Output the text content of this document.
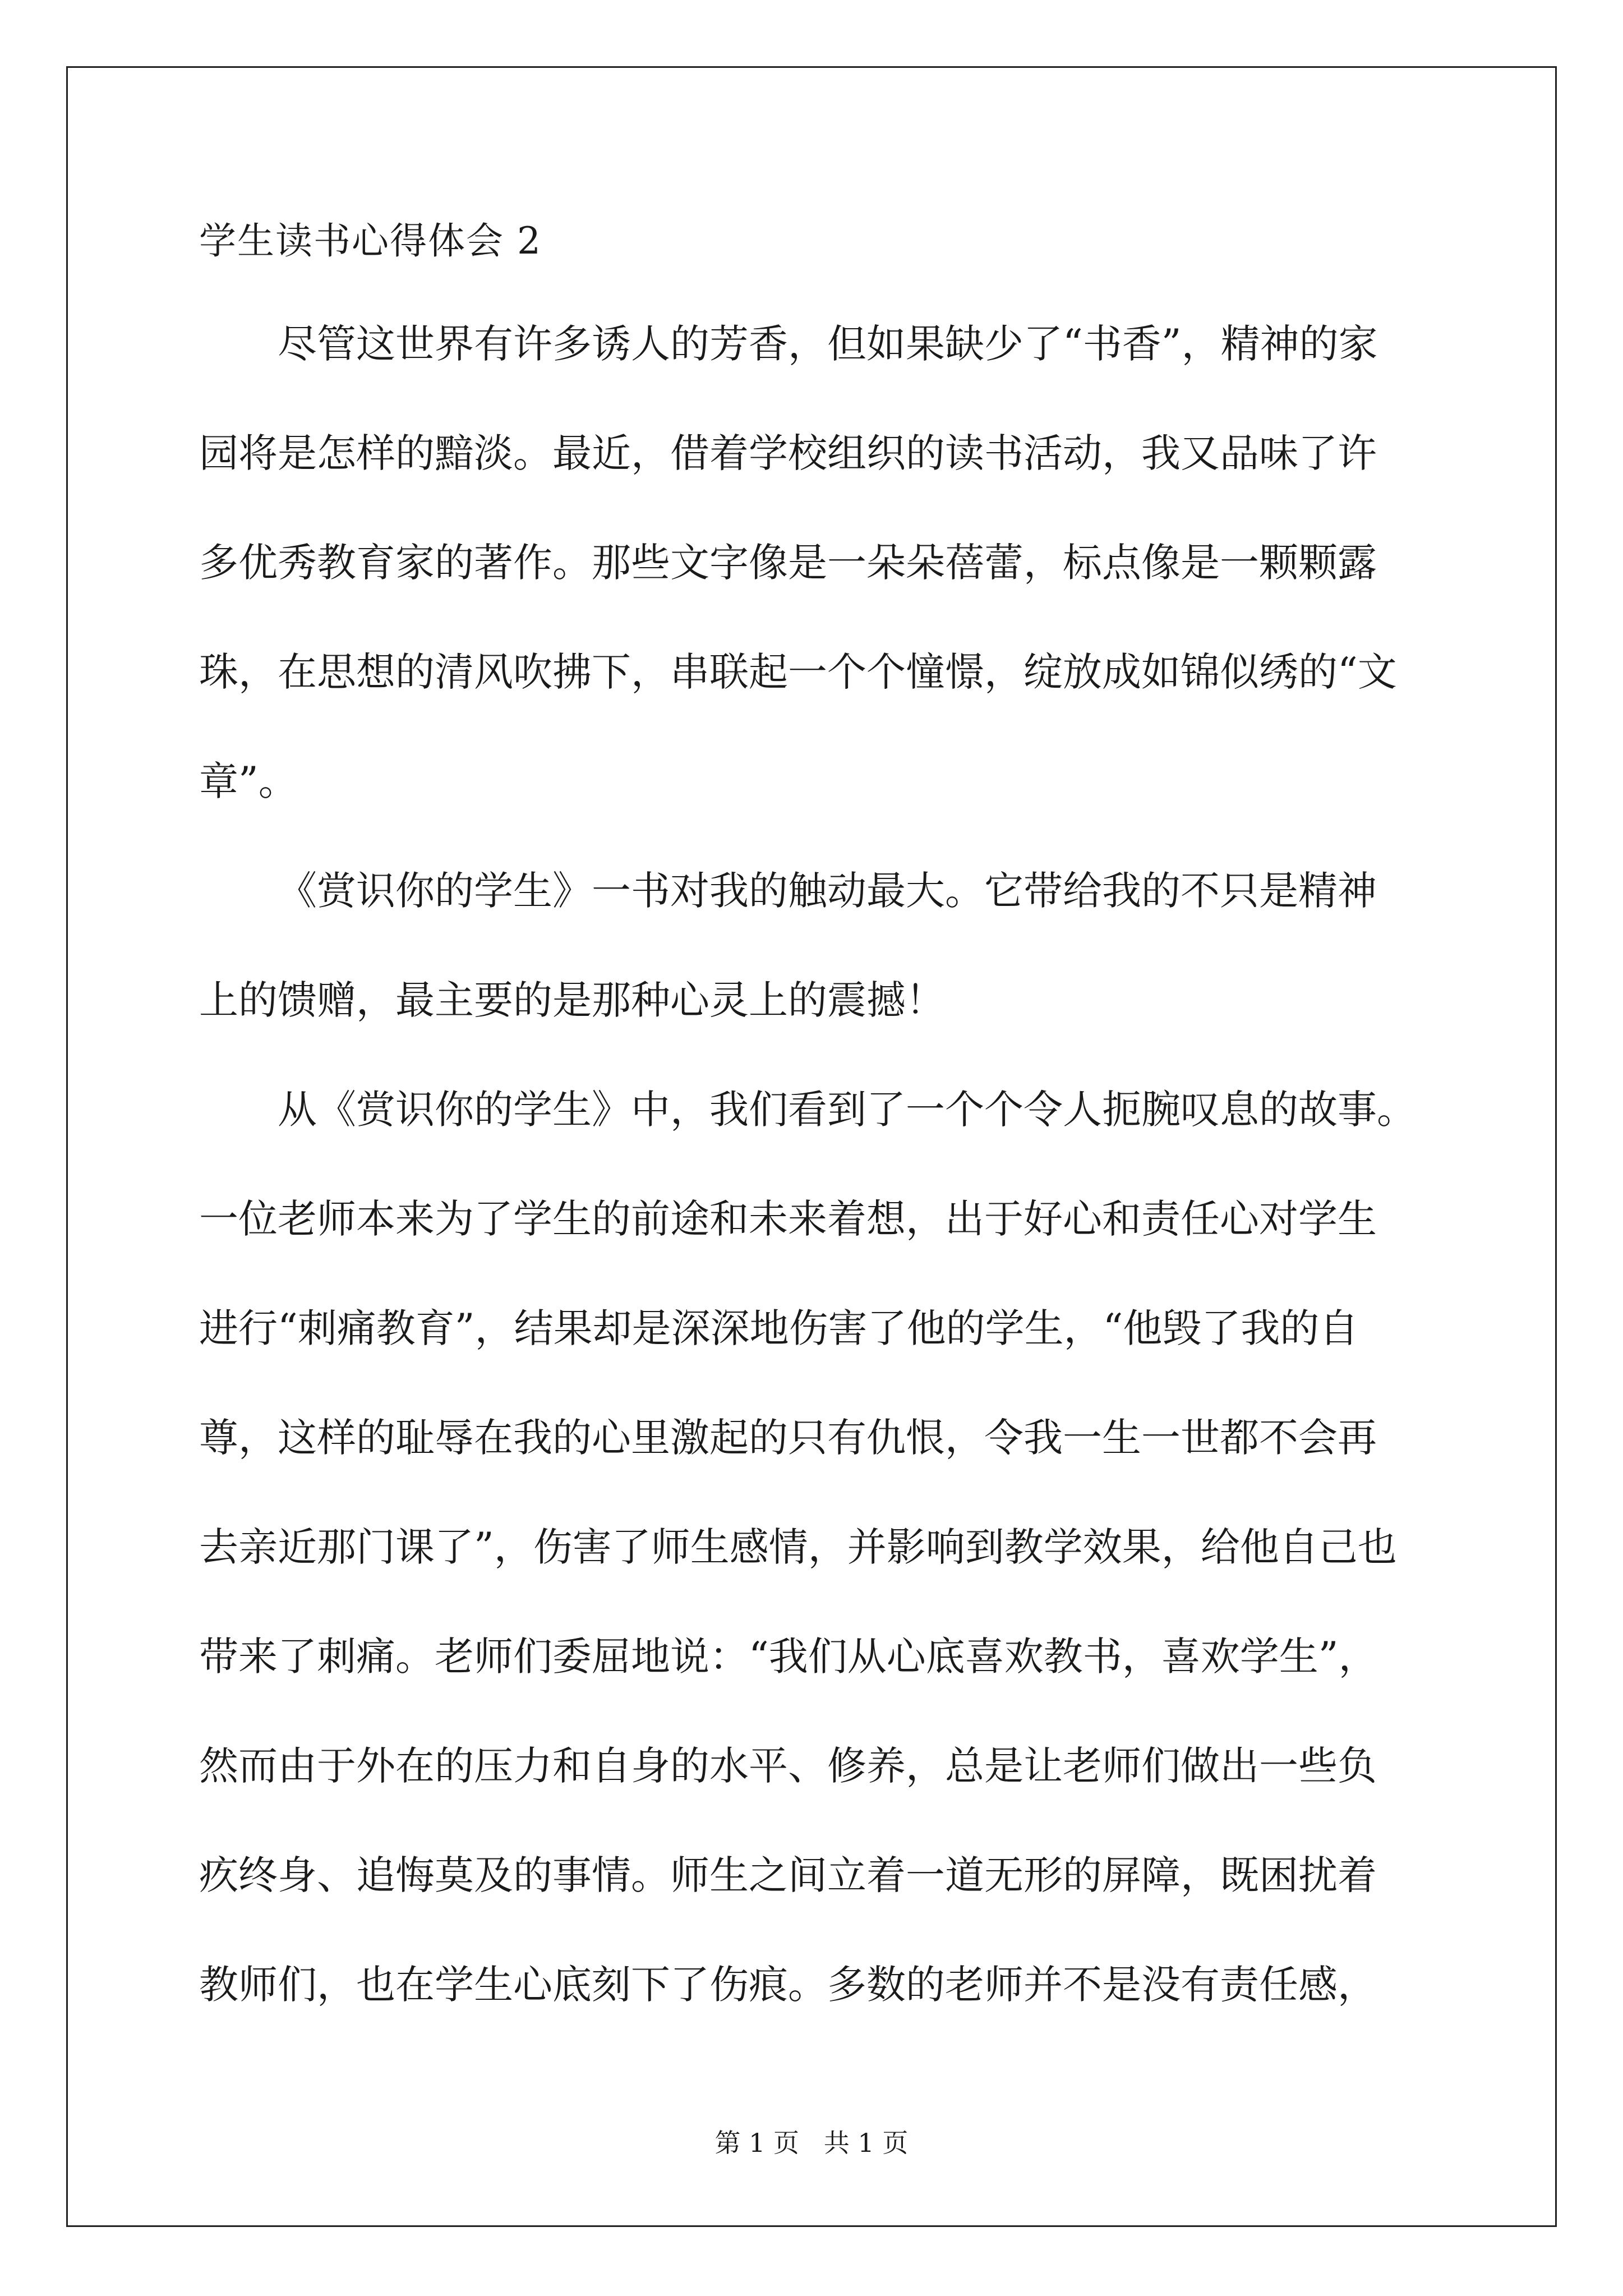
学生读书心得体会 2
尽管这世界有许多诱人的芳香，但如果缺少了“书香”，精神的家
园将是怎样的黯淡。最近，借着学校组织的读书活动，我又品味了许
多优秀教育家的著作。那些文字像是一朵朵蓓蕾，标点像是一颗颗露
珠，在思想的清风吹拂下，串联起一个个憧憬，绽放成如锦似绣的“文
章”。
《赏识你的学生》一书对我的触动最大。它带给我的不只是精神
上的馈赠，最主要的是那种心灵上的震撼！
从《赏识你的学生》中，我们看到了一个个令人扼腕叹息的故事。
一位老师本来为了学生的前途和未来着想，出于好心和责任心对学生
进行“刺痛教育”，结果却是深深地伤害了他的学生，“他毁了我的自
尊，这样的耻辱在我的心里激起的只有仇恨，令我一生一世都不会再
去亲近那门课了”，伤害了师生感情，并影响到教学效果，给他自己也
带来了刺痛。老师们委屈地说：“我们从心底喜欢教书，喜欢学生”，
然而由于外在的压力和自身的水平、修养，总是让老师们做出一些负
疚终身、追悔莫及的事情。师生之间立着一道无形的屏障，既困扰着
教师们，也在学生心底刻下了伤痕。多数的老师并不是没有责任感，
第 1 页   共 1 页
